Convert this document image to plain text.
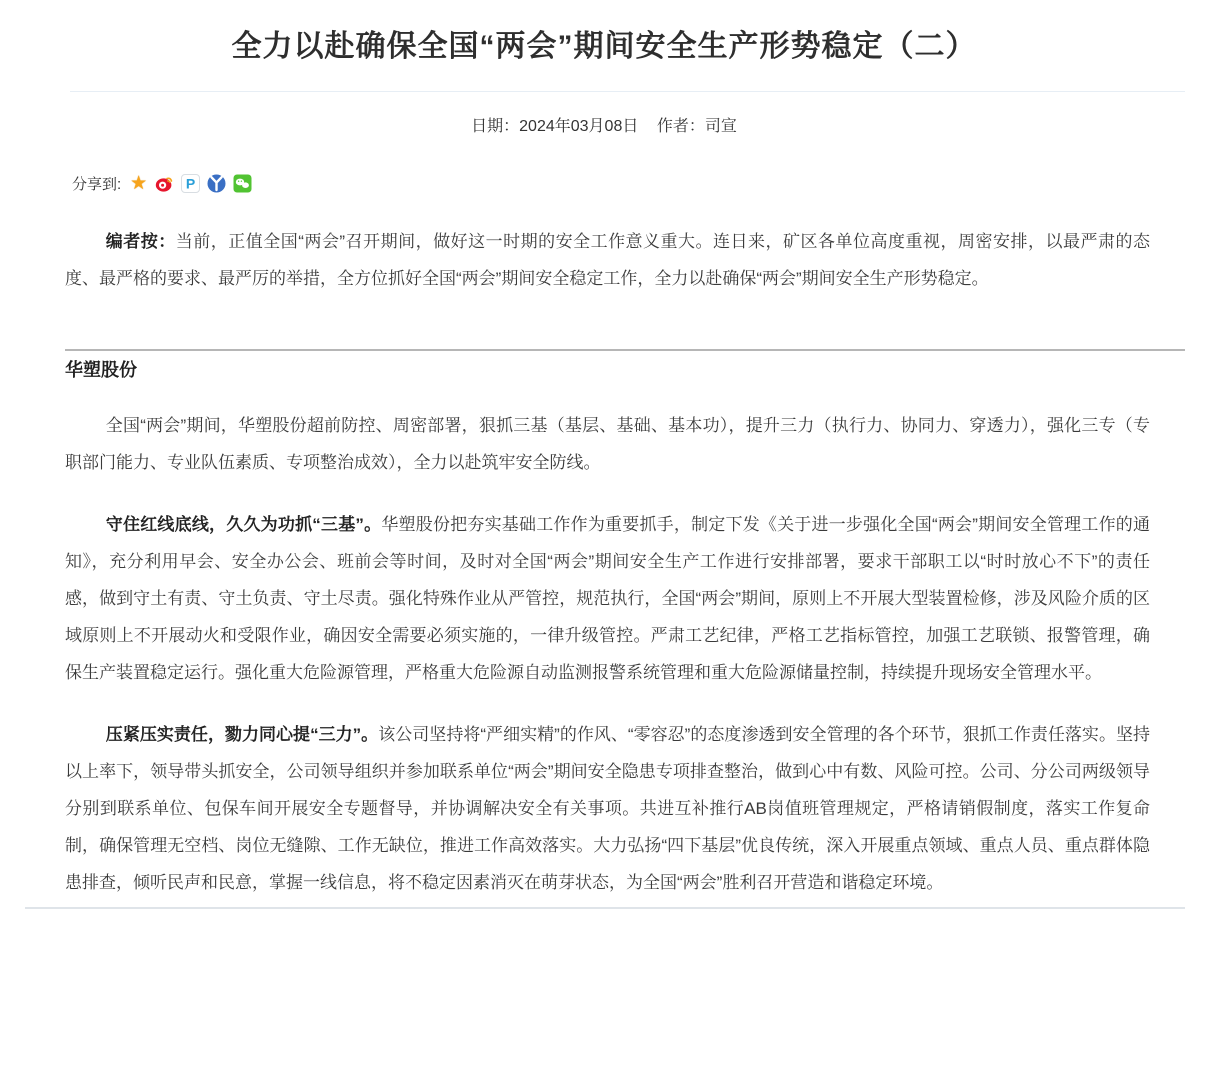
全力以赴确保全国“两会”期间安全生产形势稳定（二）
日期：2024年03月08日 作者：司宣
分享到: ★	P

编者按：当前，正值全国“两会”召开期间，做好这一时期的安全工作意义重大。连日来，矿区各单位高度重视，周密安排，以最严肃的态度、最严格的要求、最严厉的举措，全方位抓好全国“两会”期间安全稳定工作，全力以赴确保“两会”期间安全生产形势稳定。

华塑股份

全国“两会”期间，华塑股份超前防控、周密部署，狠抓三基（基层、基础、基本功），提升三力（执行力、协同力、穿透力），强化三专（专职部门能力、专业队伍素质、专项整治成效），全力以赴筑牢安全防线。

守住红线底线，久久为功抓“三基”。华塑股份把夯实基础工作作为重要抓手，制定下发《关于进一步强化全国“两会”期间安全管理工作的通知》，充分利用早会、安全办公会、班前会等时间，及时对全国“两会”期间安全生产工作进行安排部署，要求干部职工以“时时放心不下”的责任感，做到守土有责、守土负责、守土尽责。强化特殊作业从严管控，规范执行，全国“两会”期间，原则上不开展大型装置检修，涉及风险介质的区域原则上不开展动火和受限作业，确因安全需要必须实施的，一律升级管控。严肃工艺纪律，严格工艺指标管控，加强工艺联锁、报警管理，确保生产装置稳定运行。强化重大危险源管理，严格重大危险源自动监测报警系统管理和重大危险源储量控制，持续提升现场安全管理水平。

压紧压实责任，勠力同心提“三力”。该公司坚持将“严细实精”的作风、“零容忍”的态度渗透到安全管理的各个环节，狠抓工作责任落实。坚持以上率下，领导带头抓安全，公司领导组织并参加联系单位“两会”期间安全隐患专项排查整治，做到心中有数、风险可控。公司、分公司两级领导分别到联系单位、包保车间开展安全专题督导，并协调解决安全有关事项。共进互补推行AB岗值班管理规定，严格请销假制度，落实工作复命制，确保管理无空档、岗位无缝隙、工作无缺位，推进工作高效落实。大力弘扬“四下基层”优良传统，深入开展重点领域、重点人员、重点群体隐患排查，倾听民声和民意，掌握一线信息，将不稳定因素消灭在萌芽状态，为全国“两会”胜利召开营造和谐稳定环境。
